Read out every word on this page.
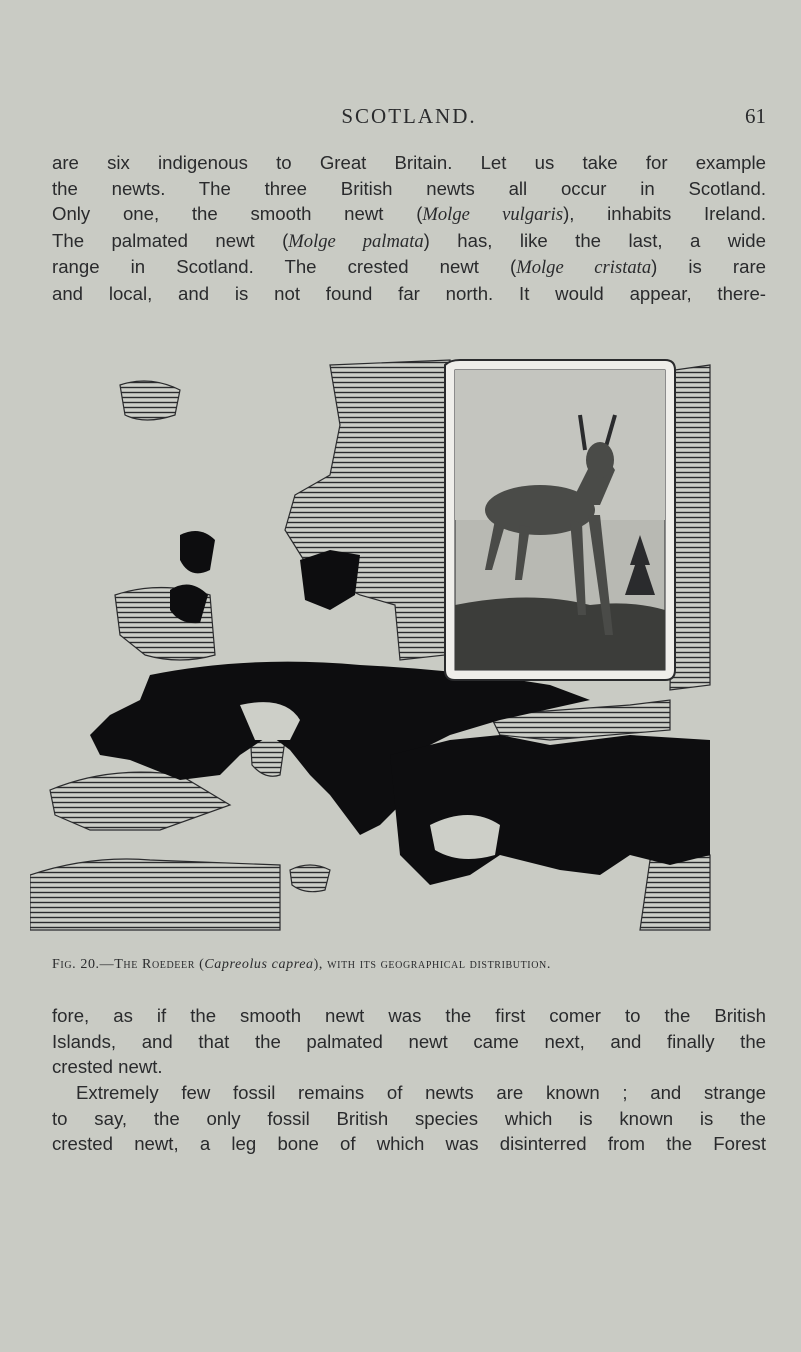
SCOTLAND.	61

are six indigenous to Great Britain. Let us take for example
the newts. The three British newts all occur in Scotland.
Only one, the smooth newt (Molge vulgaris), inhabits Ireland.
The palmated newt (Molge palmata) has, like the last, a wide
range in Scotland. The crested newt (Molge cristata) is rare
and local, and is not found far north. It would appear, there-

Fig. 20.—The Roedeer (Capreolus caprea), with its geographical distribution.

fore, as if the smooth newt was the first comer to the British
Islands, and that the palmated newt came next, and finally the
crested newt.

Extremely few fossil remains of newts are known ; and strange
to say, the only fossil British species which is known is the
crested newt, a leg bone of which was disinterred from the Forest
